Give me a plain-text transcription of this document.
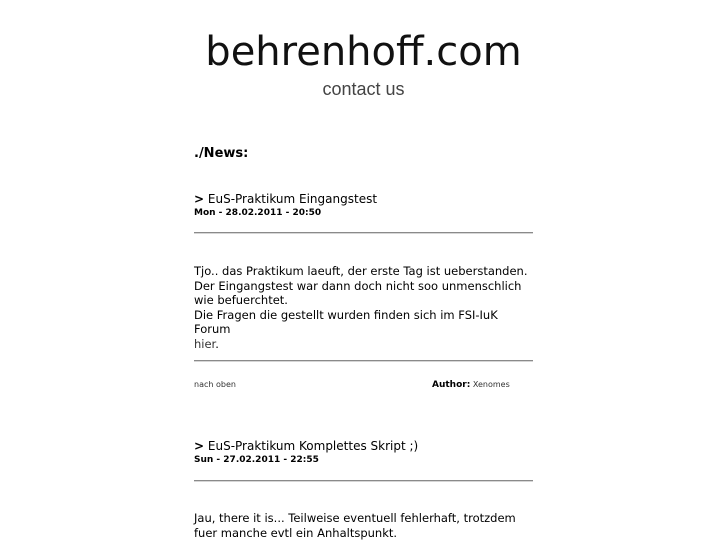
behrenhoff.com
contact us
./News:
> EuS-Praktikum Eingangstest
Mon - 28.02.2011 - 20:50

Tjo.. das Praktikum laeuft, der erste Tag ist ueberstanden.

Der Eingangstest war dann doch nicht soo unmenschlich wie befuerchtet.

Die Fragen die gestellt wurden finden sich im FSI-IuK Forum

hier.

nach oben	Author: Xenomes
> EuS-Praktikum Komplettes Skript ;)
Sun - 27.02.2011 - 22:55

Jau, there it is... Teilweise eventuell fehlerhaft, trotzdem fuer manche evtl ein Anhaltspunkt.
